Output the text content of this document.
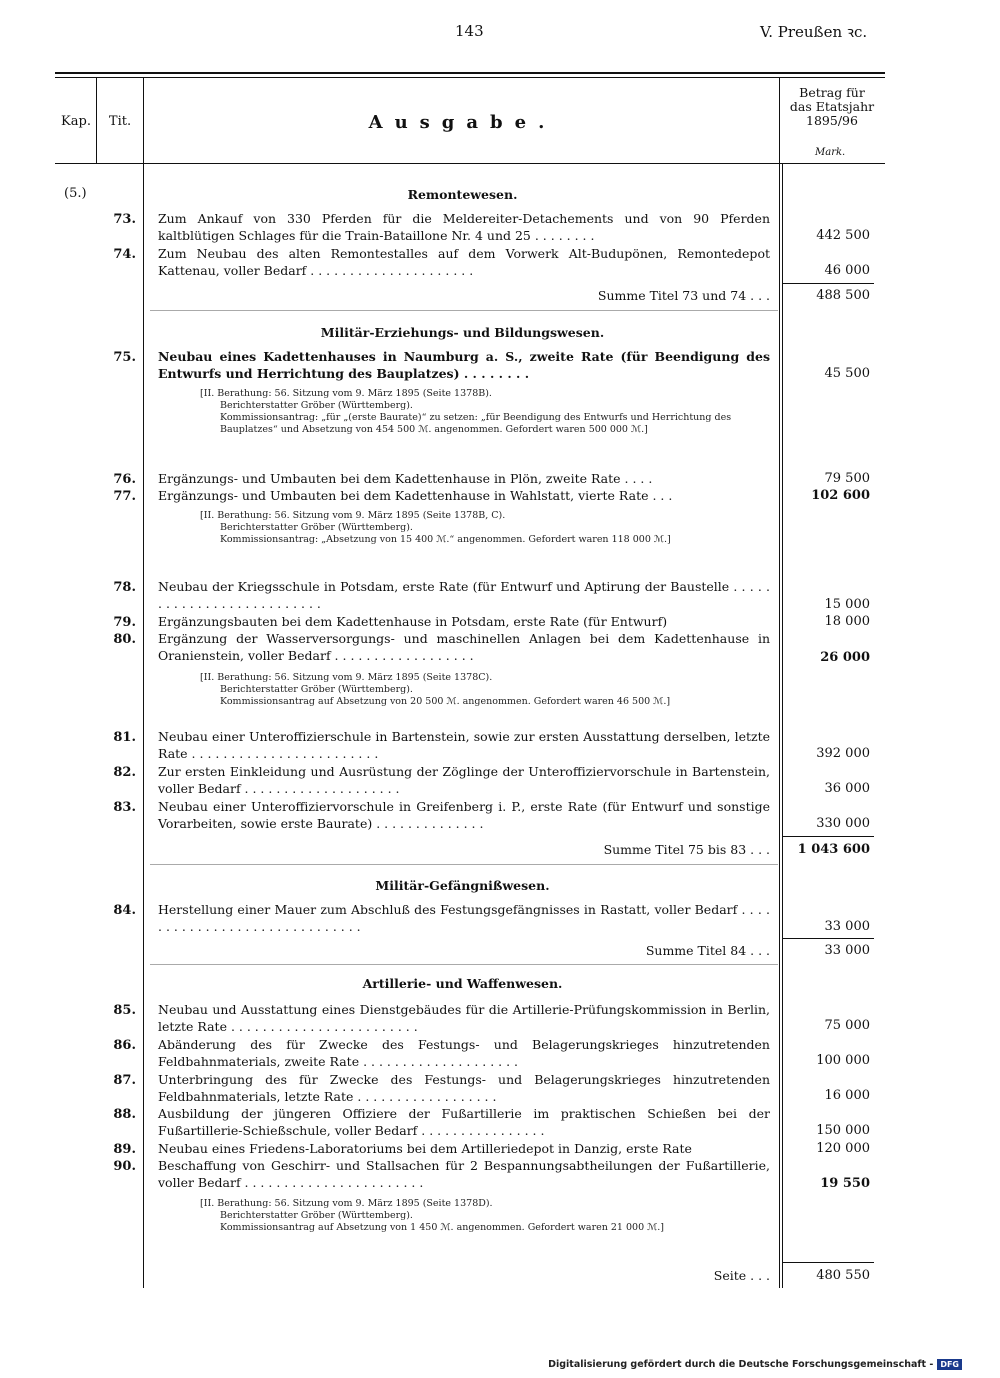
143	V. Preußen ꝛc.
Kap.	Tit.	Ausgabe.
Betrag für
das Etatsjahr
1895/96
Mark.
(5.)	Remontewesen.
73. Zum Ankauf von 330 Pferden für die Meldereiter-Detachements und von 90 Pferden kaltblütigen Schlages für die Train-Bataillone Nr. 4 und 25 . . . . . . . .	442 500
74. Zum Neubau des alten Remontestalles auf dem Vorwerk Alt-Budupönen, Remontedepot Kattenau, voller Bedarf . . . . . . . . . . . . . . . . . . . . .	46 000
Summe Titel 73 und 74 . . .	488 500
Militär-Erziehungs- und Bildungswesen.
75. Neubau eines Kadettenhauses in Naumburg a. S., zweite Rate (für Beendigung des Entwurfs und Herrichtung des Bauplatzes) . . . . . . . .	45 500
[II. Berathung: 56. Sitzung vom 9. März 1895 (Seite 1378B).
Berichterstatter Gröber (Württemberg).
Kommissionsantrag: „für „(erste Baurate)“ zu setzen: „für Beendigung des Entwurfs und Herrichtung des Bauplatzes“ und Absetzung von 454 500 ℳ. angenommen. Gefordert waren 500 000 ℳ.]
76. Ergänzungs- und Umbauten bei dem Kadettenhause in Plön, zweite Rate . . . .	79 500
77. Ergänzungs- und Umbauten bei dem Kadettenhause in Wahlstatt, vierte Rate . . .	102 600
[II. Berathung: 56. Sitzung vom 9. März 1895 (Seite 1378B, C).
Berichterstatter Gröber (Württemberg).
Kommissionsantrag: „Absetzung von 15 400 ℳ.“ angenommen. Gefordert waren 118 000 ℳ.]
78. Neubau der Kriegsschule in Potsdam, erste Rate (für Entwurf und Aptirung der Baustelle . . . . . . . . . . . . . . . . . . . . . . . . . .	15 000
79. Ergänzungsbauten bei dem Kadettenhause in Potsdam, erste Rate (für Entwurf)	18 000
80. Ergänzung der Wasserversorgungs- und maschinellen Anlagen bei dem Kadettenhause in Oranienstein, voller Bedarf . . . . . . . . . . . . . . . . . .	26 000
[II. Berathung: 56. Sitzung vom 9. März 1895 (Seite 1378C).
Berichterstatter Gröber (Württemberg).
Kommissionsantrag auf Absetzung von 20 500 ℳ. angenommen. Gefordert waren 46 500 ℳ.]
81. Neubau einer Unteroffizierschule in Bartenstein, sowie zur ersten Ausstattung derselben, letzte Rate . . . . . . . . . . . . . . . . . . . . . . . .	392 000
82. Zur ersten Einkleidung und Ausrüstung der Zöglinge der Unteroffiziervorschule in Bartenstein, voller Bedarf . . . . . . . . . . . . . . . . . . . .	36 000
83. Neubau einer Unteroffiziervorschule in Greifenberg i. P., erste Rate (für Entwurf und sonstige Vorarbeiten, sowie erste Baurate) . . . . . . . . . . . . . .	330 000
Summe Titel 75 bis 83 . . .	1 043 600
Militär-Gefängnißwesen.
84. Herstellung einer Mauer zum Abschluß des Festungsgefängnisses in Rastatt, voller Bedarf . . . . . . . . . . . . . . . . . . . . . . . . . . . . . .	33 000
Summe Titel 84 . . .	33 000
Artillerie- und Waffenwesen.
85. Neubau und Ausstattung eines Dienstgebäudes für die Artillerie-Prüfungskommission in Berlin, letzte Rate . . . . . . . . . . . . . . . . . . . . . . . .	75 000
86. Abänderung des für Zwecke des Festungs- und Belagerungskrieges hinzutretenden Feldbahnmaterials, zweite Rate . . . . . . . . . . . . . . . . . . . .	100 000
87. Unterbringung des für Zwecke des Festungs- und Belagerungskrieges hinzutretenden Feldbahnmaterials, letzte Rate . . . . . . . . . . . . . . . . . .	16 000
88. Ausbildung der jüngeren Offiziere der Fußartillerie im praktischen Schießen bei der Fußartillerie-Schießschule, voller Bedarf . . . . . . . . . . . . . . . .	150 000
89. Neubau eines Friedens-Laboratoriums bei dem Artilleriedepot in Danzig, erste Rate	120 000
90. Beschaffung von Geschirr- und Stallsachen für 2 Bespannungsabtheilungen der Fußartillerie, voller Bedarf . . . . . . . . . . . . . . . . . . . . . . .	19 550
[II. Berathung: 56. Sitzung vom 9. März 1895 (Seite 1378D).
Berichterstatter Gröber (Württemberg).
Kommissionsantrag auf Absetzung von 1 450 ℳ. angenommen. Gefordert waren 21 000 ℳ.]
Seite . . .	480 550
Digitalisierung gefördert durch die Deutsche Forschungsgemeinschaft - DFG
